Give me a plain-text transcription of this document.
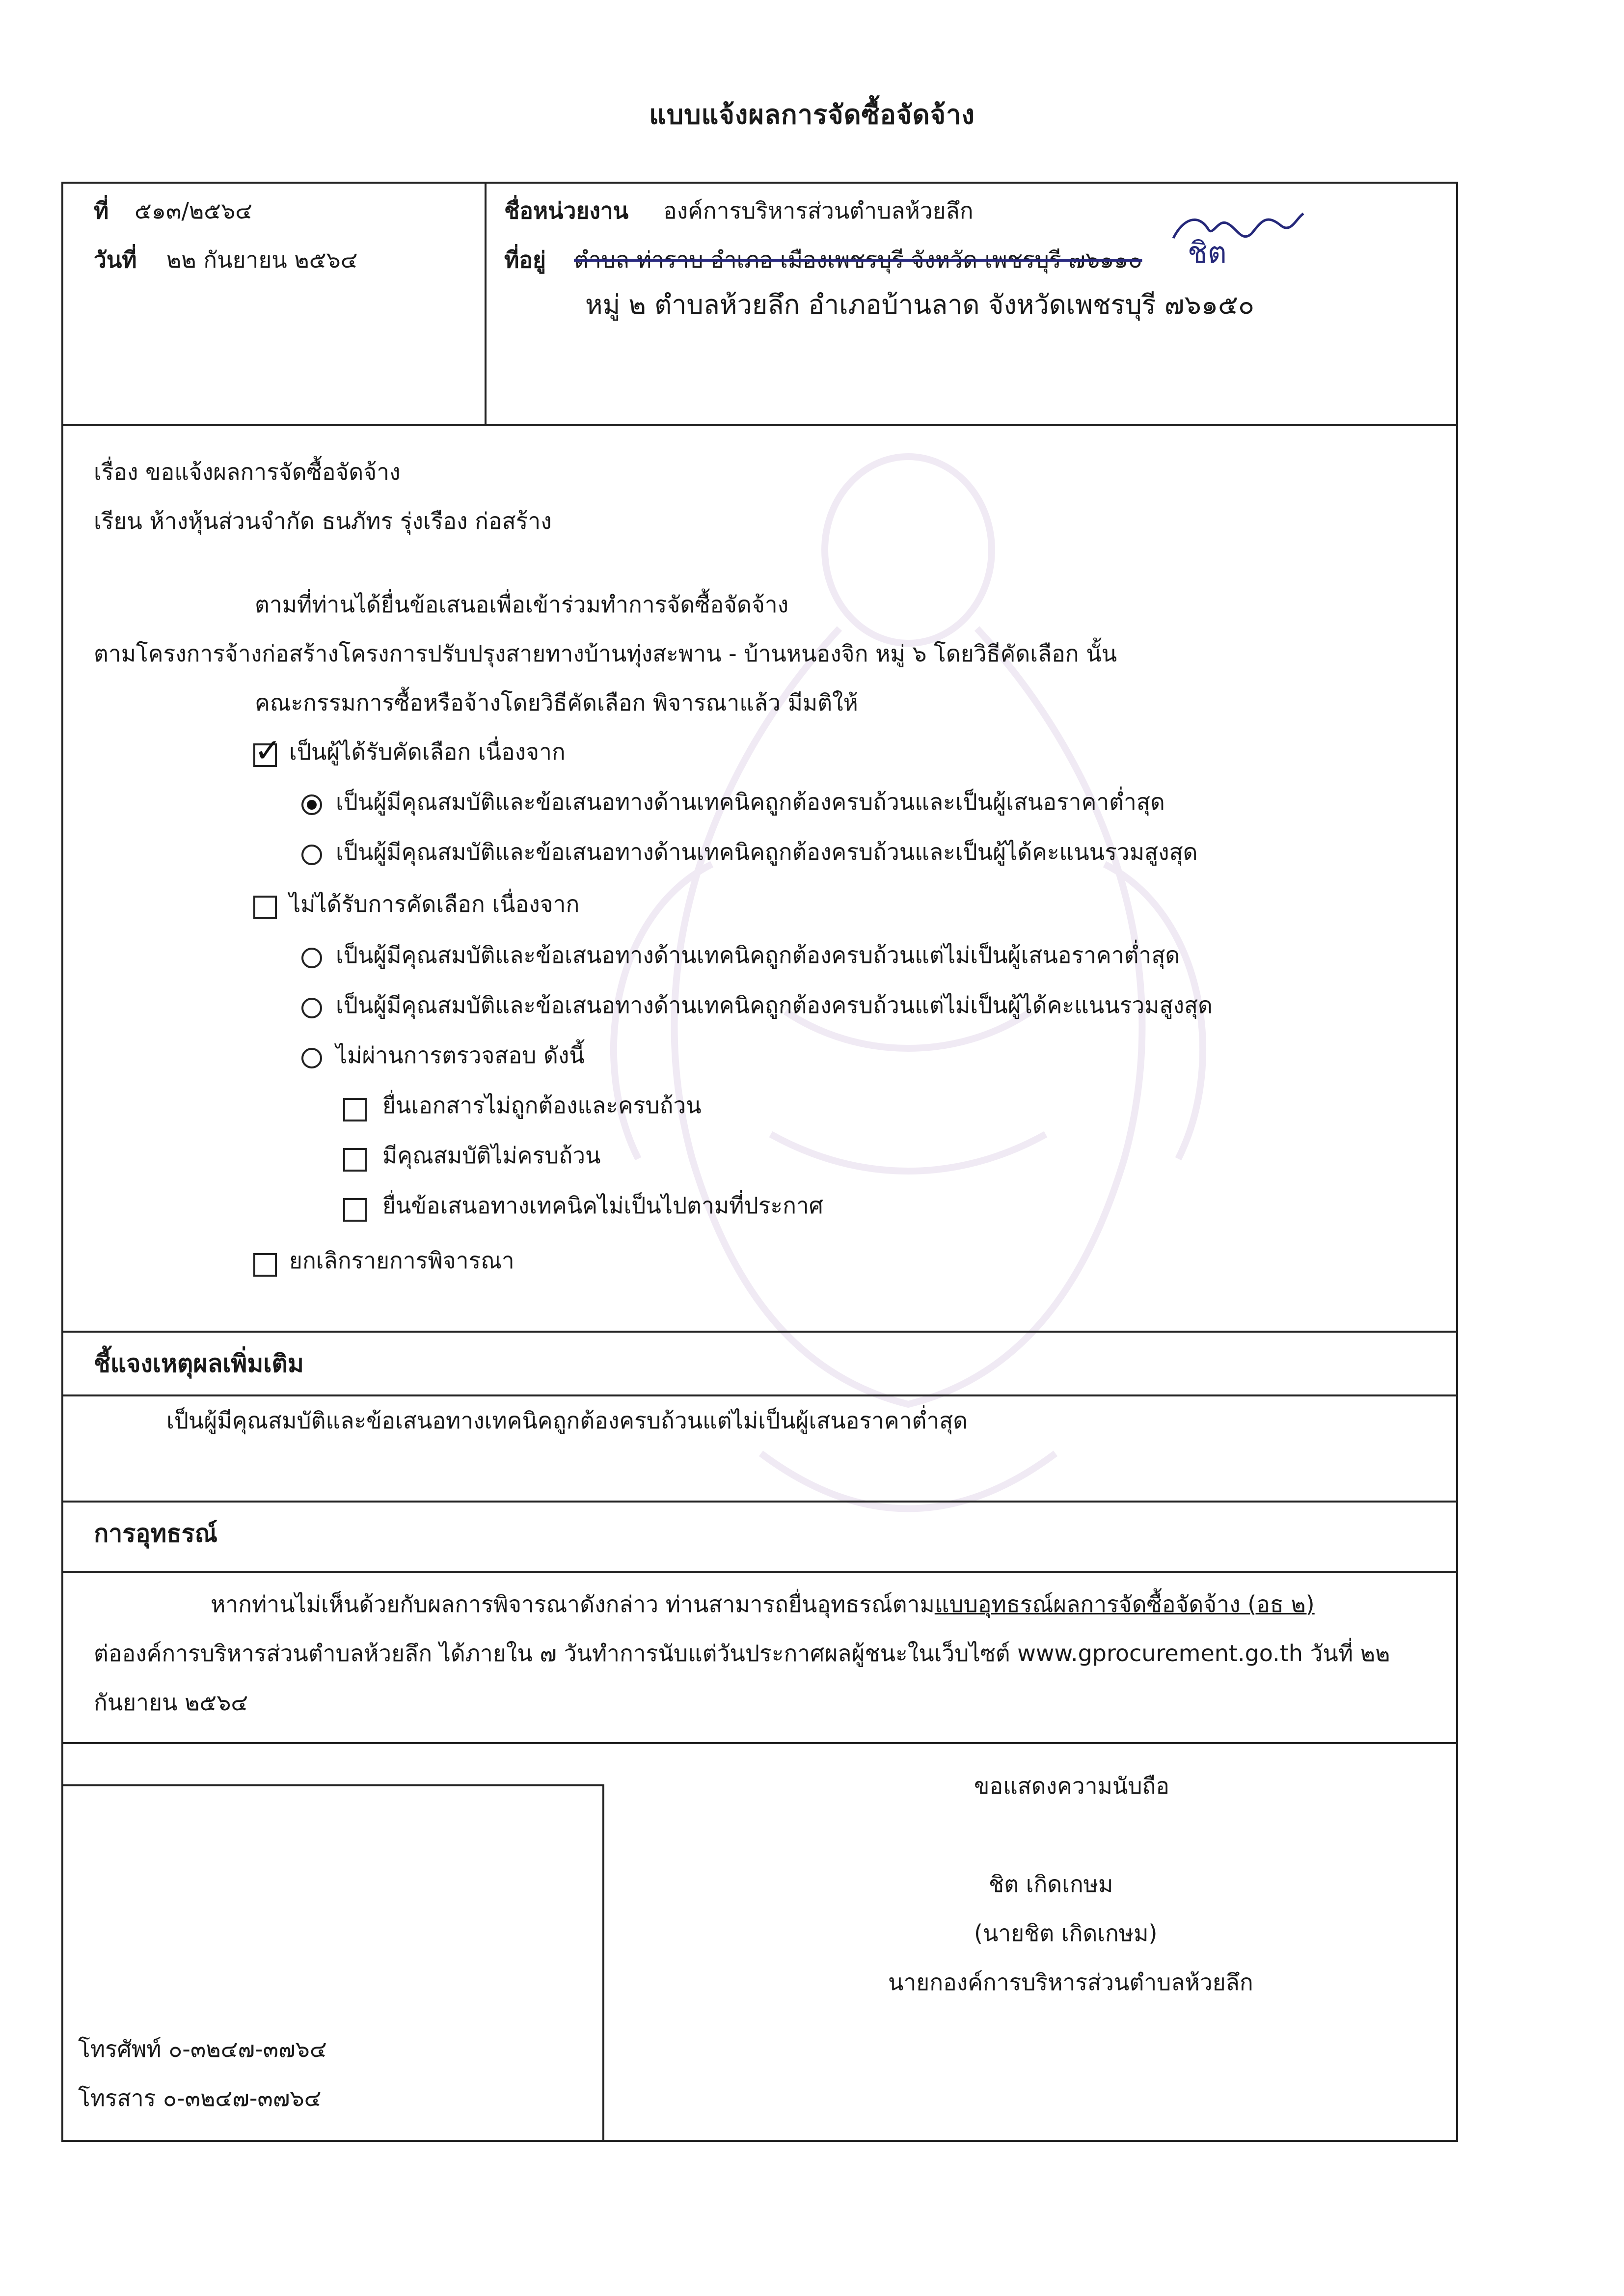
แบบแจ้งผลการจัดซื้อจัดจ้าง
ที่ ๕๑๓/๒๕๖๔
วันที่ ๒๒ กันยายน ๒๕๖๔
ชื่อหน่วยงาน องค์การบริหารส่วนตำบลห้วยลึก
ที่อยู่ ตำบล ท่าราบ อำเภอ เมืองเพชรบุรี จังหวัด เพชรบุรี ๗๖๑๑๐ ชิต
หมู่ ๒ ตำบลห้วยลึก อำเภอบ้านลาด จังหวัดเพชรบุรี ๗๖๑๕๐
เรื่อง ขอแจ้งผลการจัดซื้อจัดจ้าง
เรียน ห้างหุ้นส่วนจำกัด ธนภัทร รุ่งเรือง ก่อสร้าง
ตามที่ท่านได้ยื่นข้อเสนอเพื่อเข้าร่วมทำการจัดซื้อจัดจ้าง
ตามโครงการจ้างก่อสร้างโครงการปรับปรุงสายทางบ้านทุ่งสะพาน - บ้านหนองจิก หมู่ ๖ โดยวิธีคัดเลือก นั้น
คณะกรรมการซื้อหรือจ้างโดยวิธีคัดเลือก พิจารณาแล้ว มีมติให้
✓ เป็นผู้ได้รับคัดเลือก เนื่องจาก
เป็นผู้มีคุณสมบัติและข้อเสนอทางด้านเทคนิคถูกต้องครบถ้วนและเป็นผู้เสนอราคาต่ำสุด
เป็นผู้มีคุณสมบัติและข้อเสนอทางด้านเทคนิคถูกต้องครบถ้วนและเป็นผู้ได้คะแนนรวมสูงสุด
ไม่ได้รับการคัดเลือก เนื่องจาก
เป็นผู้มีคุณสมบัติและข้อเสนอทางด้านเทคนิคถูกต้องครบถ้วนแต่ไม่เป็นผู้เสนอราคาต่ำสุด
เป็นผู้มีคุณสมบัติและข้อเสนอทางด้านเทคนิคถูกต้องครบถ้วนแต่ไม่เป็นผู้ได้คะแนนรวมสูงสุด
ไม่ผ่านการตรวจสอบ ดังนี้
ยื่นเอกสารไม่ถูกต้องและครบถ้วน
มีคุณสมบัติไม่ครบถ้วน
ยื่นข้อเสนอทางเทคนิคไม่เป็นไปตามที่ประกาศ
ยกเลิกรายการพิจารณา
ชี้แจงเหตุผลเพิ่มเติม
เป็นผู้มีคุณสมบัติและข้อเสนอทางเทคนิคถูกต้องครบถ้วนแต่ไม่เป็นผู้เสนอราคาต่ำสุด
การอุทธรณ์
หากท่านไม่เห็นด้วยกับผลการพิจารณาดังกล่าว ท่านสามารถยื่นอุทธรณ์ตามแบบอุทธรณ์ผลการจัดซื้อจัดจ้าง (อธ ๒)
ต่อองค์การบริหารส่วนตำบลห้วยลึก ได้ภายใน ๗ วันทำการนับแต่วันประกาศผลผู้ชนะในเว็บไซต์ www.gprocurement.go.th วันที่ ๒๒
กันยายน ๒๕๖๔
ขอแสดงความนับถือ
ชิต เกิดเกษม
(นายชิต เกิดเกษม)
นายกองค์การบริหารส่วนตำบลห้วยลึก
โทรศัพท์ ๐-๓๒๔๗-๓๗๖๔
โทรสาร ๐-๓๒๔๗-๓๗๖๔
